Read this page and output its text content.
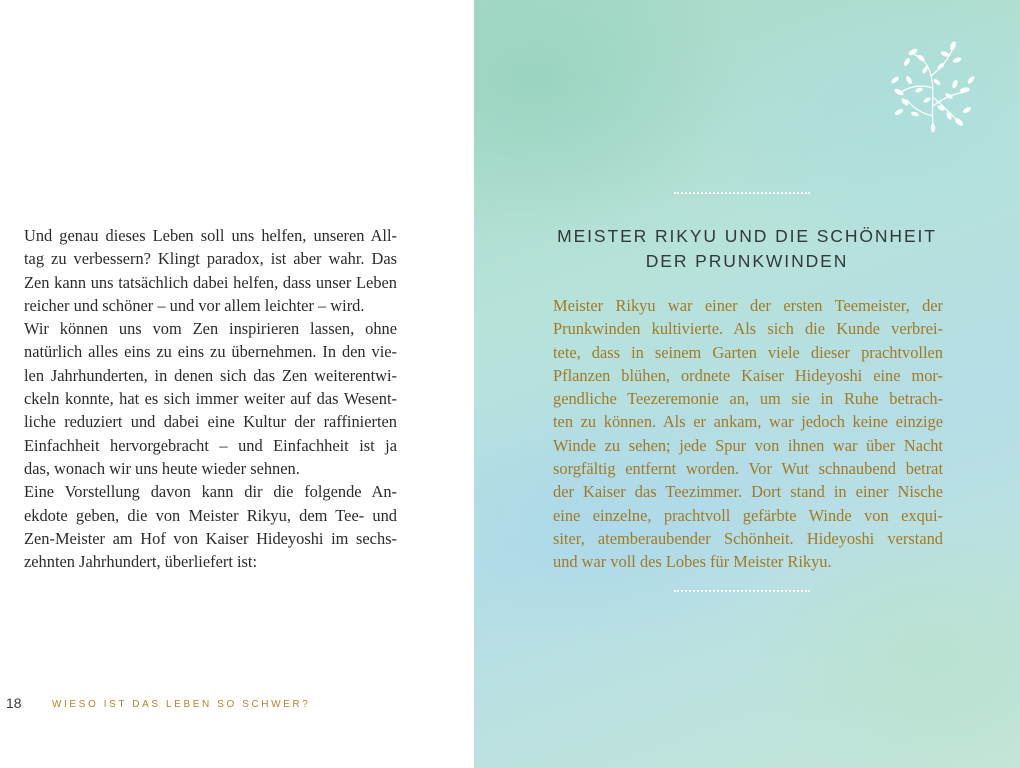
Und genau dieses Leben soll uns helfen, unseren All-
tag zu verbessern? Klingt paradox, ist aber wahr. Das
Zen kann uns tatsächlich dabei helfen, dass unser Leben
reicher und schöner – und vor allem leichter – wird.

Wir können uns vom Zen inspirieren lassen, ohne
natürlich alles eins zu eins zu übernehmen. In den vie-
len Jahrhunderten, in denen sich das Zen weiterentwi-
ckeln konnte, hat es sich immer weiter auf das Wesent-
liche reduziert und dabei eine Kultur der raffinierten
Einfachheit hervorgebracht – und Einfachheit ist ja
das, wonach wir uns heute wieder sehnen.

Eine Vorstellung davon kann dir die folgende An-
ekdote geben, die von Meister Rikyu, dem Tee- und
Zen-Meister am Hof von Kaiser Hideyoshi im sechs-
zehnten Jahrhundert, überliefert ist:

18	WIESO IST DAS LEBEN SO SCHWER?
MEISTER RIKYU UND DIE SCHÖNHEIT
DER PRUNKWINDEN
Meister Rikyu war einer der ersten Teemeister, der
Prunkwinden kultivierte. Als sich die Kunde verbrei-
tete, dass in seinem Garten viele dieser prachtvollen
Pflanzen blühen, ordnete Kaiser Hideyoshi eine mor-
gendliche Teezeremonie an, um sie in Ruhe betrach-
ten zu können. Als er ankam, war jedoch keine einzige
Winde zu sehen; jede Spur von ihnen war über Nacht
sorgfältig entfernt worden. Vor Wut schnaubend betrat
der Kaiser das Teezimmer. Dort stand in einer Nische
eine einzelne, prachtvoll gefärbte Winde von exqui-
siter, atemberaubender Schönheit. Hideyoshi verstand
und war voll des Lobes für Meister Rikyu.
